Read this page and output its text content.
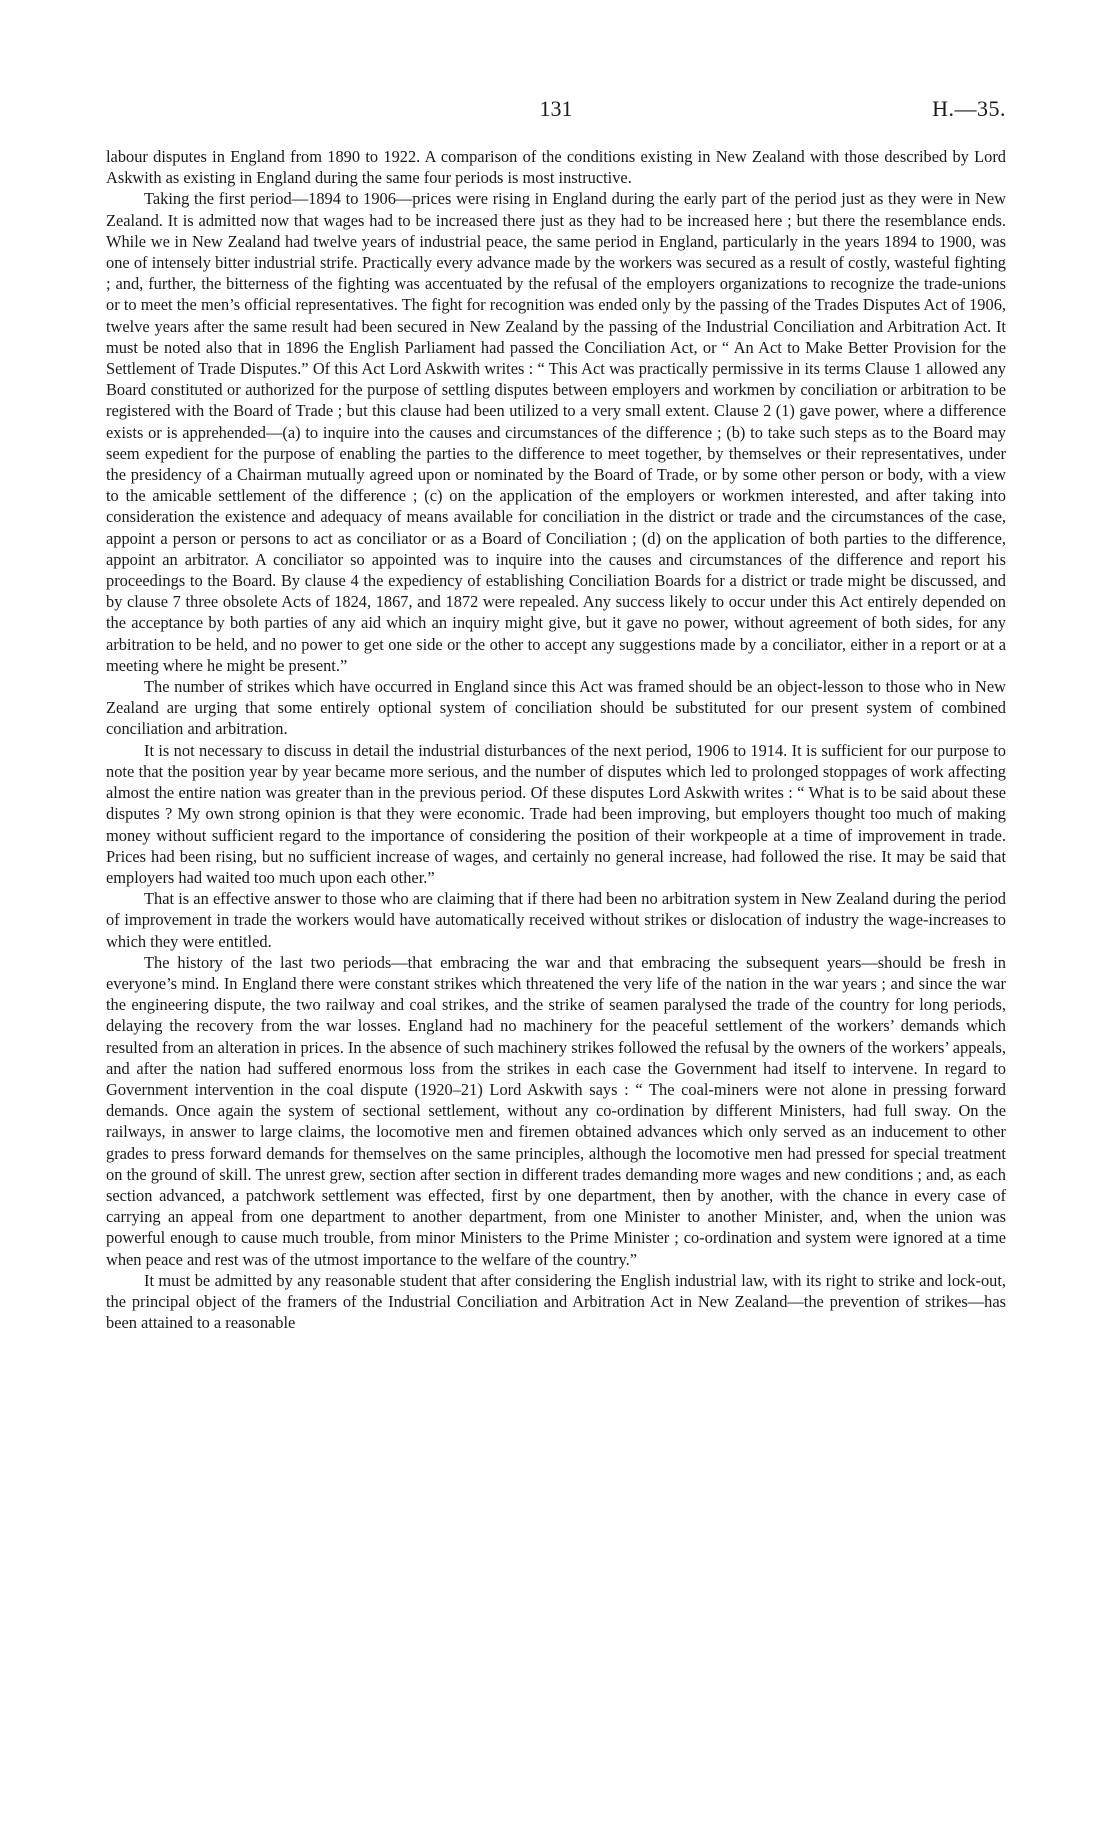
131	H.—35.

labour disputes in England from 1890 to 1922. A comparison of the conditions existing in New Zealand with those described by Lord Askwith as existing in England during the same four periods is most instructive.

Taking the first period—1894 to 1906—prices were rising in England during the early part of the period just as they were in New Zealand. It is admitted now that wages had to be increased there just as they had to be increased here ; but there the resemblance ends. While we in New Zealand had twelve years of industrial peace, the same period in England, particularly in the years 1894 to 1900, was one of intensely bitter industrial strife. Practically every advance made by the workers was secured as a result of costly, wasteful fighting ; and, further, the bitterness of the fighting was accentuated by the refusal of the employers organizations to recognize the trade-unions or to meet the men’s official representatives. The fight for recognition was ended only by the passing of the Trades Disputes Act of 1906, twelve years after the same result had been secured in New Zealand by the passing of the Industrial Conciliation and Arbitration Act. It must be noted also that in 1896 the English Parliament had passed the Conciliation Act, or “ An Act to Make Better Provision for the Settlement of Trade Disputes.” Of this Act Lord Askwith writes : “ This Act was practically permissive in its terms Clause 1 allowed any Board constituted or authorized for the purpose of settling disputes between employers and workmen by conciliation or arbitration to be registered with the Board of Trade ; but this clause had been utilized to a very small extent. Clause 2 (1) gave power, where a difference exists or is apprehended—(a) to inquire into the causes and circumstances of the difference ; (b) to take such steps as to the Board may seem expedient for the purpose of enabling the parties to the difference to meet together, by themselves or their representatives, under the presidency of a Chairman mutually agreed upon or nominated by the Board of Trade, or by some other person or body, with a view to the amicable settlement of the difference ; (c) on the application of the employers or workmen interested, and after taking into consideration the existence and adequacy of means available for conciliation in the district or trade and the circumstances of the case, appoint a person or persons to act as conciliator or as a Board of Conciliation ; (d) on the application of both parties to the difference, appoint an arbitrator. A conciliator so appointed was to inquire into the causes and circumstances of the difference and report his proceedings to the Board. By clause 4 the expediency of establishing Conciliation Boards for a district or trade might be discussed, and by clause 7 three obsolete Acts of 1824, 1867, and 1872 were repealed. Any success likely to occur under this Act entirely depended on the acceptance by both parties of any aid which an inquiry might give, but it gave no power, without agreement of both sides, for any arbitration to be held, and no power to get one side or the other to accept any suggestions made by a conciliator, either in a report or at a meeting where he might be present.”

The number of strikes which have occurred in England since this Act was framed should be an object-lesson to those who in New Zealand are urging that some entirely optional system of conciliation should be substituted for our present system of combined conciliation and arbitration.

It is not necessary to discuss in detail the industrial disturbances of the next period, 1906 to 1914. It is sufficient for our purpose to note that the position year by year became more serious, and the number of disputes which led to prolonged stoppages of work affecting almost the entire nation was greater than in the previous period. Of these disputes Lord Askwith writes : “ What is to be said about these disputes ? My own strong opinion is that they were economic. Trade had been improving, but employers thought too much of making money without sufficient regard to the importance of considering the position of their workpeople at a time of improvement in trade. Prices had been rising, but no sufficient increase of wages, and certainly no general increase, had followed the rise. It may be said that employers had waited too much upon each other.”

That is an effective answer to those who are claiming that if there had been no arbitration system in New Zealand during the period of improvement in trade the workers would have automatically received without strikes or dislocation of industry the wage-increases to which they were entitled.

The history of the last two periods—that embracing the war and that embracing the subsequent years—should be fresh in everyone’s mind. In England there were constant strikes which threatened the very life of the nation in the war years ; and since the war the engineering dispute, the two railway and coal strikes, and the strike of seamen paralysed the trade of the country for long periods, delaying the recovery from the war losses. England had no machinery for the peaceful settlement of the workers’ demands which resulted from an alteration in prices. In the absence of such machinery strikes followed the refusal by the owners of the workers’ appeals, and after the nation had suffered enormous loss from the strikes in each case the Government had itself to intervene. In regard to Government intervention in the coal dispute (1920–21) Lord Askwith says : “ The coal-miners were not alone in pressing forward demands. Once again the system of sectional settlement, without any co-ordination by different Ministers, had full sway. On the railways, in answer to large claims, the locomotive men and firemen obtained advances which only served as an inducement to other grades to press forward demands for themselves on the same principles, although the locomotive men had pressed for special treatment on the ground of skill. The unrest grew, section after section in different trades demanding more wages and new conditions ; and, as each section advanced, a patchwork settlement was effected, first by one department, then by another, with the chance in every case of carrying an appeal from one department to another department, from one Minister to another Minister, and, when the union was powerful enough to cause much trouble, from minor Ministers to the Prime Minister ; co-ordination and system were ignored at a time when peace and rest was of the utmost importance to the welfare of the country.”

It must be admitted by any reasonable student that after considering the English industrial law, with its right to strike and lock-out, the principal object of the framers of the Industrial Conciliation and Arbitration Act in New Zealand—the prevention of strikes—has been attained to a reasonable
